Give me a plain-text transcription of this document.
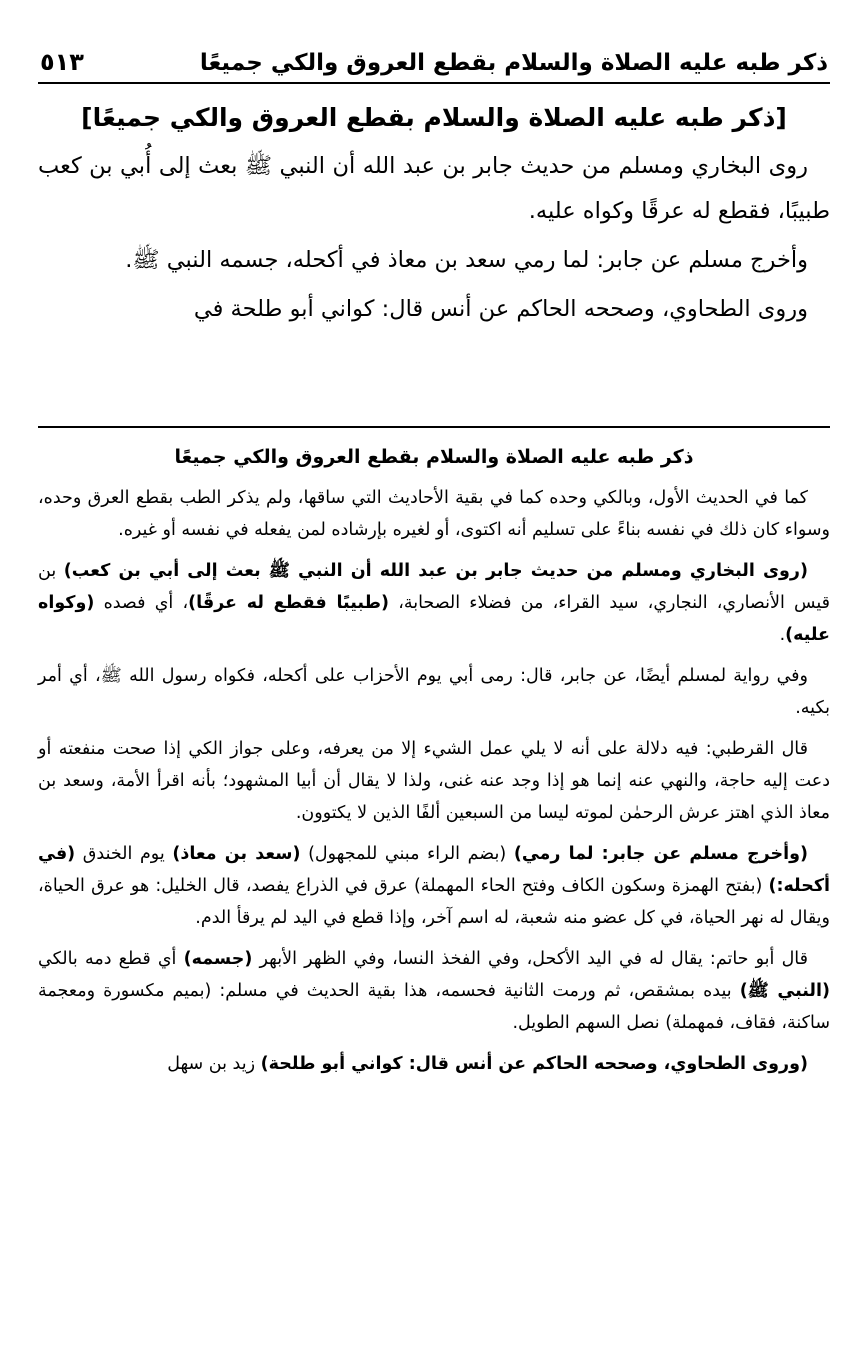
ذكر طبه عليه الصلاة والسلام بقطع العروق والكي جميعًا
٥١٣
[ذكر طبه عليه الصلاة والسلام بقطع العروق والكي جميعًا]

روى البخاري ومسلم من حديث جابر بن عبد الله أن النبي ﷺ بعث إلى أُبي بن كعب طبيبًا، فقطع له عرقًا وكواه عليه.

وأخرج مسلم عن جابر: لما رمي سعد بن معاذ في أكحله، جسمه النبي ﷺ.

وروى الطحاوي، وصححه الحاكم عن أنس قال: كواني أبو طلحة في

ذكر طبه عليه الصلاة والسلام بقطع العروق والكي جميعًا

كما في الحديث الأول، وبالكي وحده كما في بقية الأحاديث التي ساقها، ولم يذكر الطب بقطع العرق وحده، وسواء كان ذلك في نفسه بناءً على تسليم أنه اكتوى، أو لغيره بإرشاده لمن يفعله في نفسه أو غيره.

(روى البخاري ومسلم من حديث جابر بن عبد الله أن النبي ﷺ بعث إلى أبي بن كعب) بن قيس الأنصاري، النجاري، سيد القراء، من فضلاء الصحابة، (طبيبًا فقطع له عرقًا)، أي فصده (وكواه عليه).

وفي رواية لمسلم أيضًا، عن جابر، قال: رمى أبي يوم الأحزاب على أكحله، فكواه رسول الله ﷺ، أي أمر بكيه.

قال القرطبي: فيه دلالة على أنه لا يلي عمل الشيء إلا من يعرفه، وعلى جواز الكي إذا صحت منفعته أو دعت إليه حاجة، والنهي عنه إنما هو إذا وجد عنه غنى، ولذا لا يقال أن أبيا المشهود؛ بأنه اقرأ الأمة، وسعد بن معاذ الذي اهتز عرش الرحمٰن لموته ليسا من السبعين ألفًا الذين لا يكتوون.

(وأخرج مسلم عن جابر: لما رمي) (بضم الراء مبني للمجهول) (سعد بن معاذ) يوم الخندق (في أكحله:) (بفتح الهمزة وسكون الكاف وفتح الحاء المهملة) عرق في الذراع يفصد، قال الخليل: هو عرق الحياة، ويقال له نهر الحياة، في كل عضو منه شعبة، له اسم آخر، وإذا قطع في اليد لم يرقأ الدم.

قال أبو حاتم: يقال له في اليد الأكحل، وفي الفخذ النسا، وفي الظهر الأبهر (جسمه) أي قطع دمه بالكي (النبي ﷺ) بيده بمشقص، ثم ورمت الثانية فحسمه، هذا بقية الحديث في مسلم: (بميم مكسورة ومعجمة ساكنة، فقاف، فمهملة) نصل السهم الطويل.

(وروى الطحاوي، وصححه الحاكم عن أنس قال: كواني أبو طلحة) زيد بن سهل
